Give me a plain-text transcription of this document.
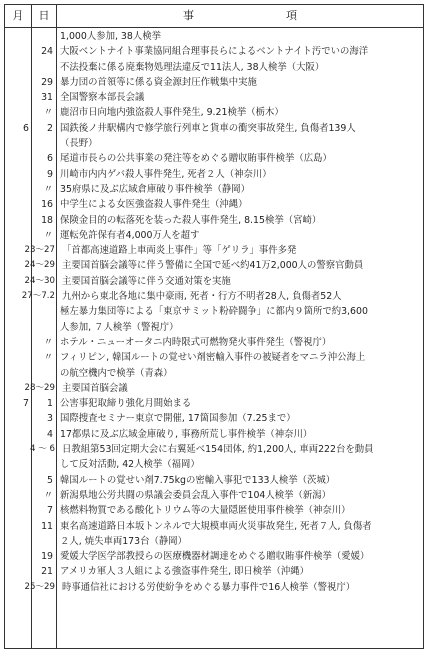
月	日	事	項
1,000人参加, 38人検挙
24 大阪ベントナイト事業協同組合理事長らによるベントナイト汚でいの海洋
不法投棄に係る廃棄物処理法違反で11法人, 38人検挙（大阪）
29 暴力団の首領等に係る資金源封圧作戦集中実施
31 全国警察本部長会議
〃 鹿沼市日向地内強盗殺人事件発生, 9.21検挙（栃木）
6	2 国鉄後ノ井駅構内で修学旅行列車と貨車の衝突事故発生, 負傷者139人
（長野）
6 尾道市長らの公共事業の発注等をめぐる贈収賄事件検挙（広島）
9 川崎市内内ゲバ殺人事件発生, 死者２人（神奈川）
〃 35府県に及ぶ広域倉庫破り事件検挙（静岡）
16 中学生による女医強盗殺人事件発生（沖縄）
18 保険金目的の転落死を装った殺人事件発生, 8.15検挙（宮崎）
〃 運転免許保有者4,000万人を超す
23〜27 「首都高速道路上車両炎上事件」等「ゲリラ」事件多発
24〜29 主要国首脳会議等に伴う警備に全国で延べ約41万2,000人の警察官動員
24〜30 主要国首脳会議等に伴う交通対策を実施
27〜7.2 九州から東北各地に集中豪雨, 死者・行方不明者28人, 負傷者52人
極左暴力集団等による「東京サミット粉砕闘争」に都内９箇所で約3,600
人参加, ７人検挙（警視庁）
〃 ホテル・ニューオータニ内時限式可燃物発火事件発生（警視庁）
〃 フィリピン, 韓国ルートの覚せい剤密輸入事件の被疑者をマニラ沖公海上
の航空機内で検挙（青森）
28〜29 主要国首脳会議
7	1 公害事犯取締り強化月間始まる
3 国際捜査セミナー東京で開催, 17箇国参加（7.25まで）
4 17都県に及ぶ広域金庫破り, 事務所荒し事件検挙（神奈川）
4 〜 6 日教組第53回定期大会に右翼延べ154団体, 約1,200人, 車両222台を動員
して反対活動, 42人検挙（福岡）
5 韓国ルートの覚せい剤7.75kgの密輸入事犯で133人検挙（茨城）
〃 新潟県地公労共闘の県議会委員会乱入事件で104人検挙（新潟）
7 核燃料物質である酸化トリウム等の大量隠匿使用事件検挙（神奈川）
11 東名高速道路日本坂トンネルで大規模車両火災事故発生, 死者７人, 負傷者
２人, 焼失車両173台（静岡）
19 愛媛大学医学部教授らの医療機器材調達をめぐる贈収賄事件検挙（愛媛）
21 アメリカ軍人３人組による強盗事件発生, 即日検挙（沖縄）
25〜29 時事通信社における労使紛争をめぐる暴力事件で16人検挙（警視庁）
